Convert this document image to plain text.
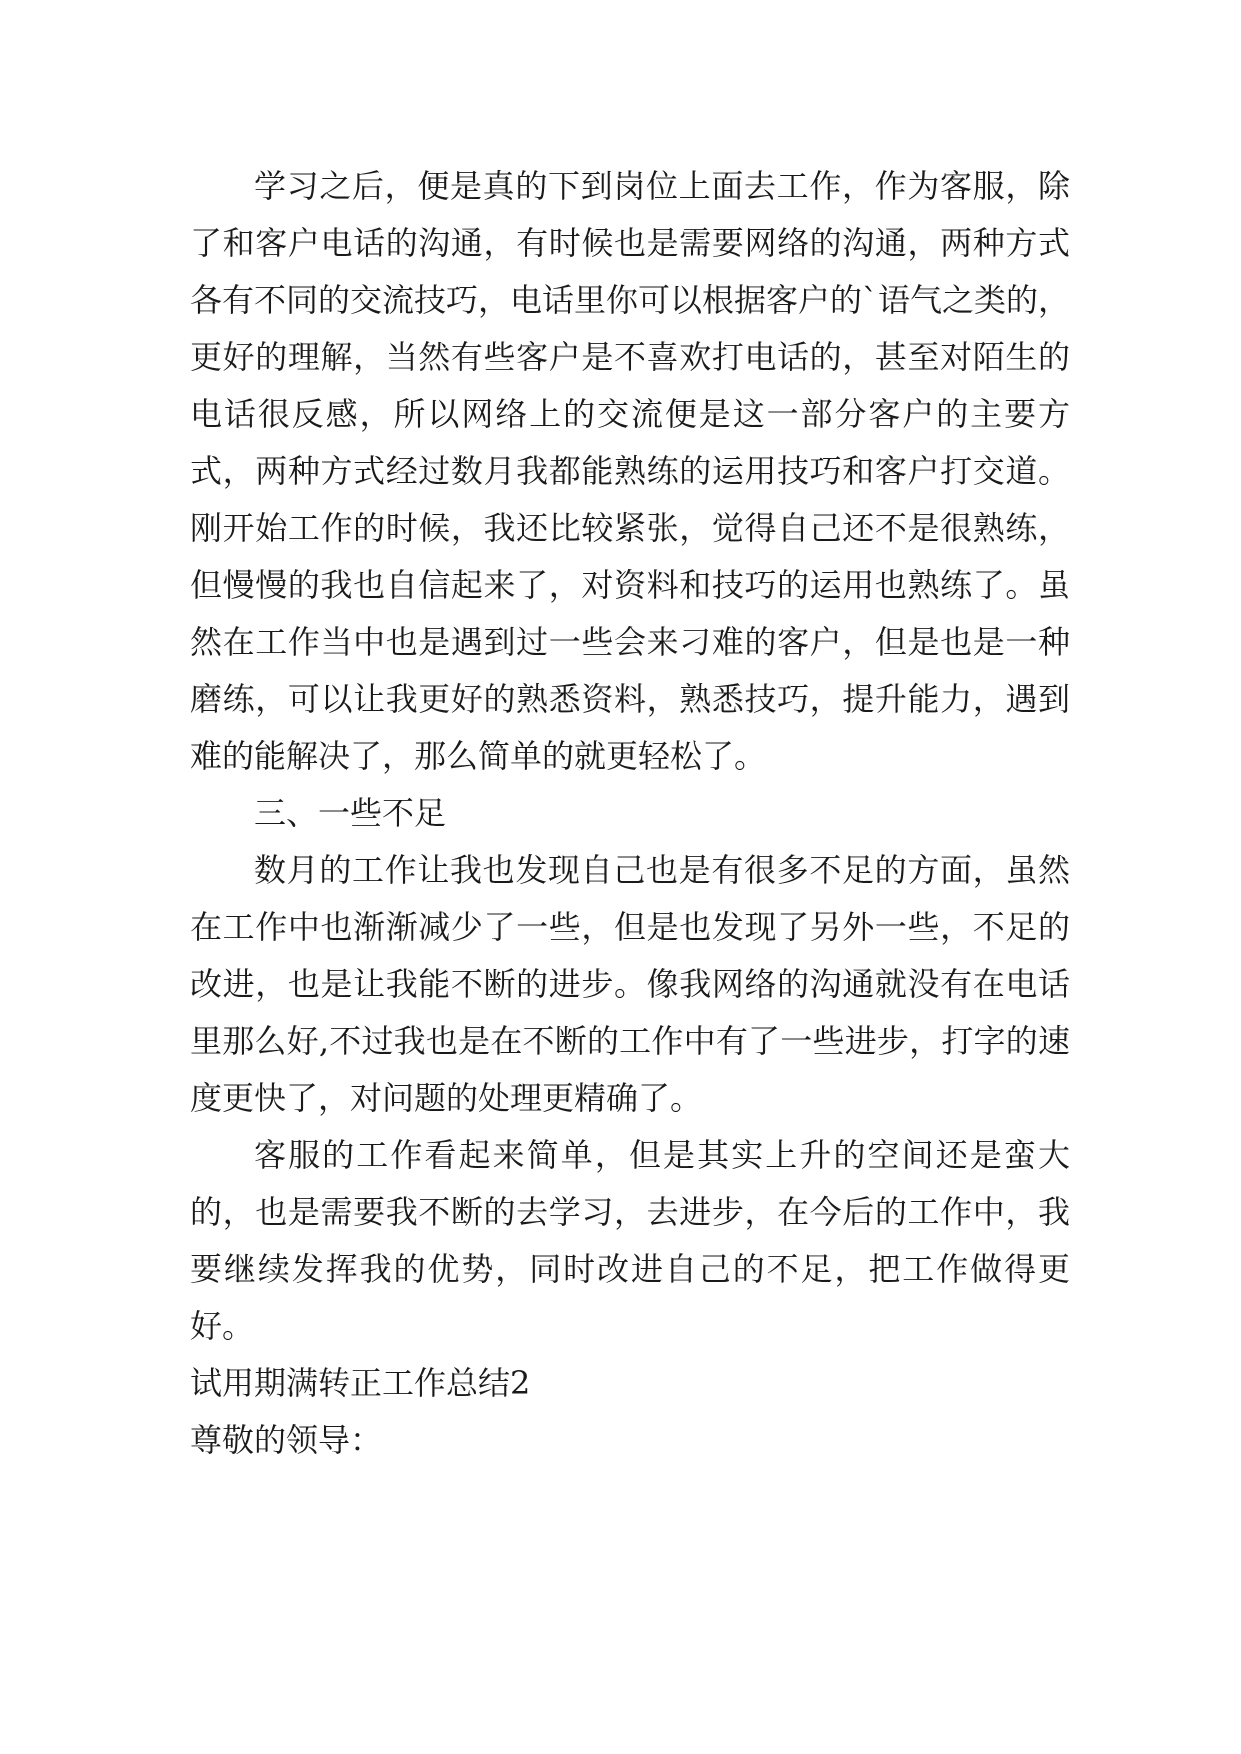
学习之后，便是真的下到岗位上面去工作，作为客服，除了和客户电话的沟通，有时候也是需要网络的沟通，两种方式各有不同的交流技巧，电话里你可以根据客户的`语气之类的，更好的理解，当然有些客户是不喜欢打电话的，甚至对陌生的电话很反感，所以网络上的交流便是这一部分客户的主要方式，两种方式经过数月我都能熟练的运用技巧和客户打交道。刚开始工作的时候，我还比较紧张，觉得自己还不是很熟练，但慢慢的我也自信起来了，对资料和技巧的运用也熟练了。虽然在工作当中也是遇到过一些会来刁难的客户，但是也是一种磨练，可以让我更好的熟悉资料，熟悉技巧，提升能力，遇到难的能解决了，那么简单的就更轻松了。

三、一些不足

数月的工作让我也发现自己也是有很多不足的方面，虽然在工作中也渐渐减少了一些，但是也发现了另外一些，不足的改进，也是让我能不断的进步。像我网络的沟通就没有在电话里那么好,不过我也是在不断的工作中有了一些进步，打字的速度更快了，对问题的处理更精确了。

客服的工作看起来简单，但是其实上升的空间还是蛮大的，也是需要我不断的去学习，去进步，在今后的工作中，我要继续发挥我的优势，同时改进自己的不足，把工作做得更好。

试用期满转正工作总结2

尊敬的领导：
